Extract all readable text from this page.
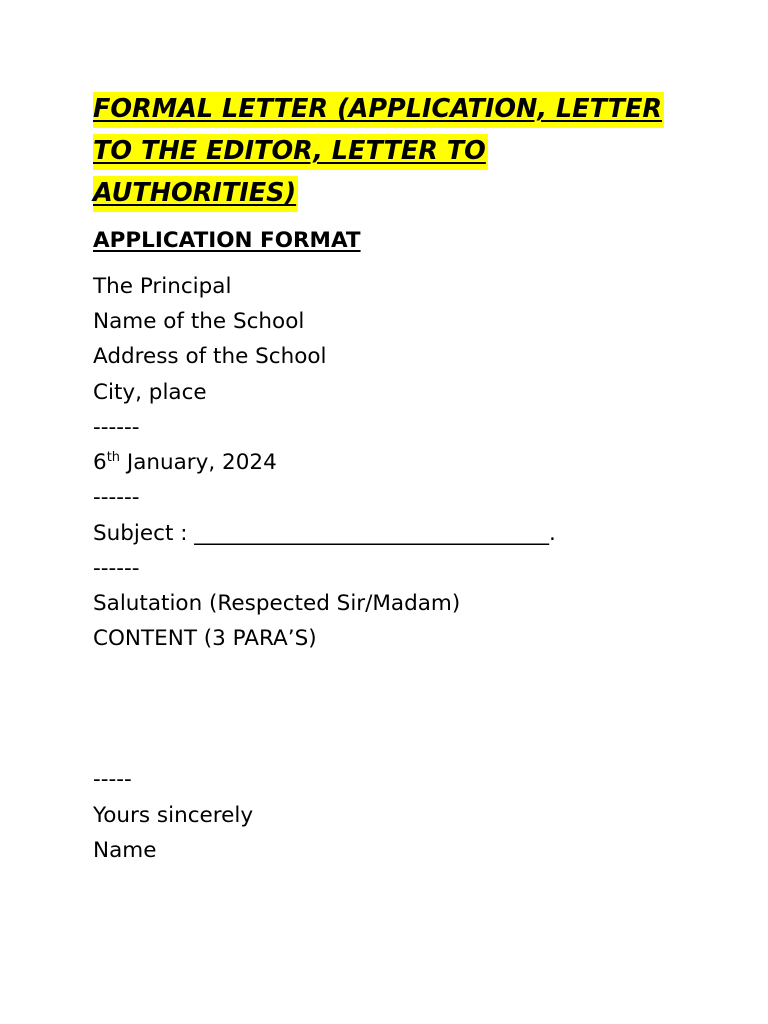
FORMAL LETTER (APPLICATION, LETTER
TO THE EDITOR, LETTER TO AUTHORITIES)
APPLICATION FORMAT

The Principal

Name of the School

Address of the School

City, place

------

6th January, 2024

------

Subject : _________________________________.

------

Salutation (Respected Sir/Madam)

CONTENT (3 PARA’S)

-----

Yours sincerely

Name
